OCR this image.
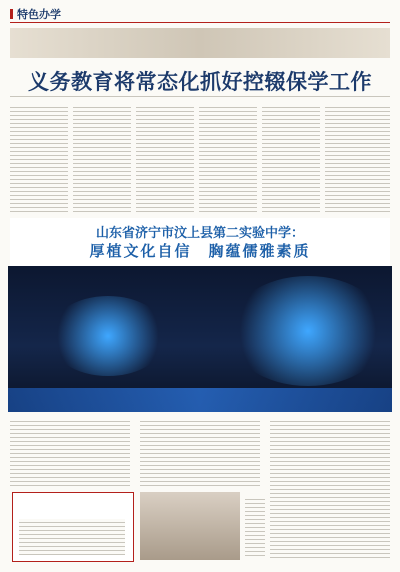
特色办学
义务教育将常态化抓好控辍保学工作
山东省济宁市汶上县第二实验中学：
厚植文化自信　胸蕴儒雅素质
